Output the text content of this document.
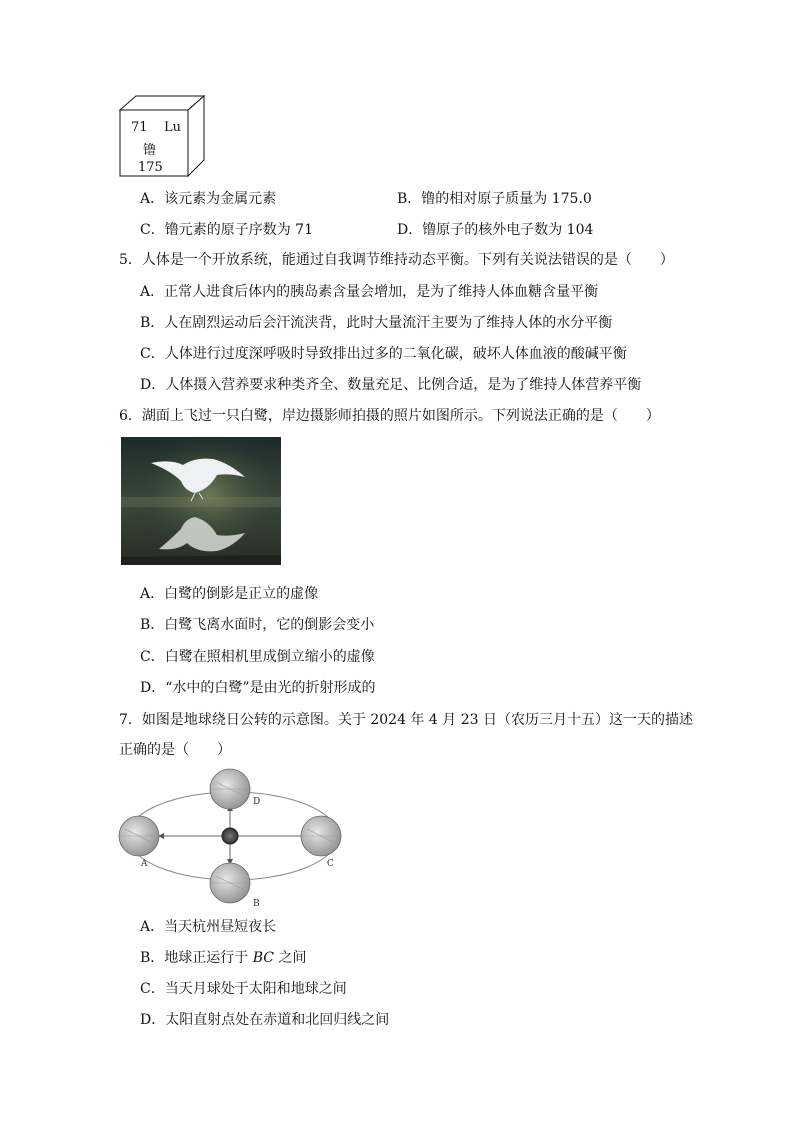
71 Lu
镥
175
A．该元素为金属元素	B．镥的相对原子质量为 175.0
C．镥元素的原子序数为 71	D．镥原子的核外电子数为 104
5．人体是一个开放系统，能通过自我调节维持动态平衡。下列有关说法错误的是（　　）
A．正常人进食后体内的胰岛素含量会增加，是为了维持人体血糖含量平衡
B．人在剧烈运动后会汗流浃背，此时大量流汗主要为了维持人体的水分平衡
C．人体进行过度深呼吸时导致排出过多的二氧化碳，破坏人体血液的酸碱平衡
D．人体摄入营养要求种类齐全、数量充足、比例合适，是为了维持人体营养平衡
6．湖面上飞过一只白鹭，岸边摄影师拍摄的照片如图所示。下列说法正确的是（　　）
A．白鹭的倒影是正立的虚像
B．白鹭飞离水面时，它的倒影会变小
C．白鹭在照相机里成倒立缩小的虚像
D．“水中的白鹭”是由光的折射形成的
7．如图是地球绕日公转的示意图。关于 2024 年 4 月 23 日（农历三月十五）这一天的描述
正确的是（　　）
D
A	C
B
A．当天杭州昼短夜长
B．地球正运行于 BC 之间
C．当天月球处于太阳和地球之间
D．太阳直射点处在赤道和北回归线之间
